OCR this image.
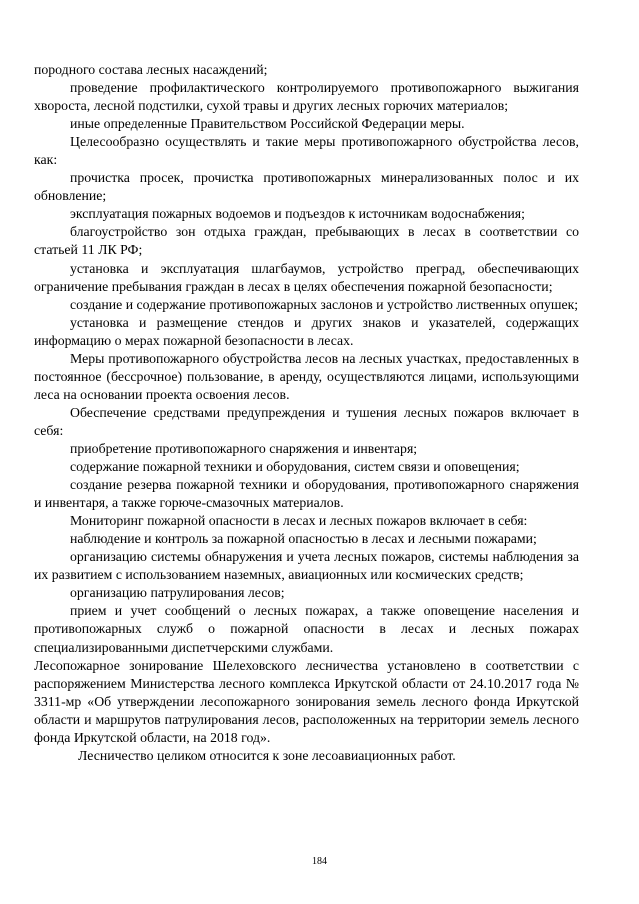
породного состава лесных насаждений;

проведение профилактического контролируемого противопожарного выжигания хвороста, лесной подстилки, сухой травы и других лесных горючих материалов;

иные определенные Правительством Российской Федерации меры.

Целесообразно осуществлять и такие меры противопожарного обустройства лесов, как:

прочистка просек, прочистка противопожарных минерализованных полос и их обновление;

эксплуатация пожарных водоемов и подъездов к источникам водоснабжения;

благоустройство зон отдыха граждан, пребывающих в лесах в соответствии со статьей 11 ЛК РФ;

установка и эксплуатация шлагбаумов, устройство преград, обеспечивающих ограничение пребывания граждан в лесах в целях обеспечения пожарной безопасности;

создание и содержание противопожарных заслонов и устройство лиственных опушек;

установка и размещение стендов и других знаков и указателей, содержащих информацию о мерах пожарной безопасности в лесах.

Меры противопожарного обустройства лесов на лесных участках, предоставленных в постоянное (бессрочное) пользование, в аренду, осуществляются лицами, использующими леса на основании проекта освоения лесов.

Обеспечение средствами предупреждения и тушения лесных пожаров включает в себя:

приобретение противопожарного снаряжения и инвентаря;

содержание пожарной техники и оборудования, систем связи и оповещения;

создание резерва пожарной техники и оборудования, противопожарного снаряжения и инвентаря, а также горюче-смазочных материалов.

Мониторинг пожарной опасности в лесах и лесных пожаров включает в себя:

наблюдение и контроль за пожарной опасностью в лесах и лесными пожарами;

организацию системы обнаружения и учета лесных пожаров, системы наблюдения за их развитием с использованием наземных, авиационных или космических средств;

организацию патрулирования лесов;

прием и учет сообщений о лесных пожарах, а также оповещение населения и противопожарных служб о пожарной опасности в лесах и лесных пожарах специализированными диспетчерскими службами.

Лесопожарное зонирование Шелеховского лесничества установлено в соответствии с распоряжением Министерства лесного комплекса Иркутской области от 24.10.2017 года № 3311-мр «Об утверждении лесопожарного зонирования земель лесного фонда Иркутской области и маршрутов патрулирования лесов, расположенных на территории земель лесного фонда Иркутской области, на 2018 год».

Лесничество целиком относится к зоне лесоавиационных работ.

184
